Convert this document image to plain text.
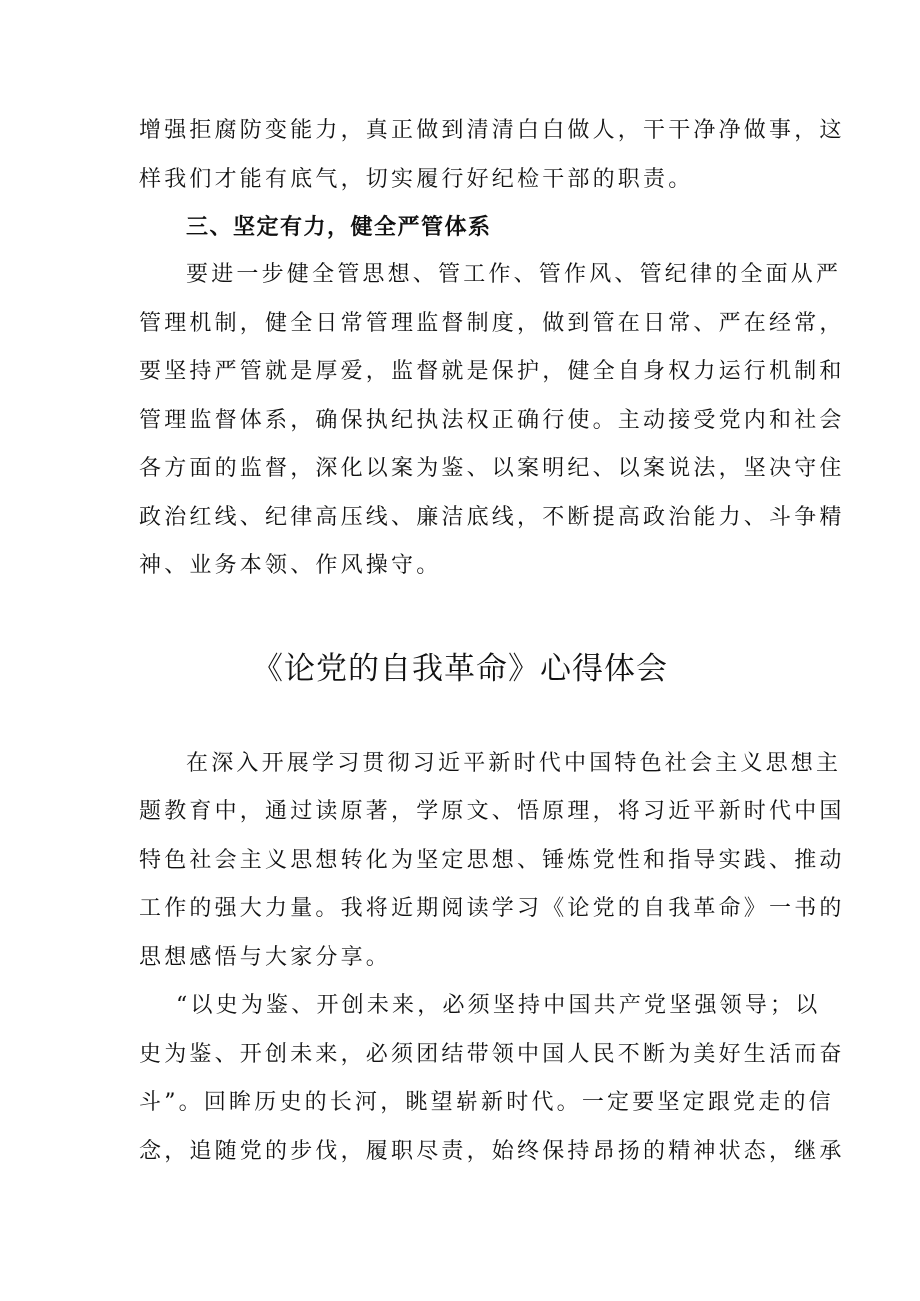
增强拒腐防变能力，真正做到清清白白做人，干干净净做事，这
样我们才能有底气，切实履行好纪检干部的职责。
三、坚定有力，健全严管体系
要进一步健全管思想、管工作、管作风、管纪律的全面从严
管理机制，健全日常管理监督制度，做到管在日常、严在经常，
要坚持严管就是厚爱，监督就是保护，健全自身权力运行机制和
管理监督体系，确保执纪执法权正确行使。主动接受党内和社会
各方面的监督，深化以案为鉴、以案明纪、以案说法，坚决守住
政治红线、纪律高压线、廉洁底线，不断提高政治能力、斗争精
神、业务本领、作风操守。
《论党的自我革命》心得体会
在深入开展学习贯彻习近平新时代中国特色社会主义思想主
题教育中，通过读原著，学原文、悟原理，将习近平新时代中国
特色社会主义思想转化为坚定思想、锤炼党性和指导实践、推动
工作的强大力量。我将近期阅读学习《论党的自我革命》一书的
思想感悟与大家分享。
“以史为鉴、开创未来，必须坚持中国共产党坚强领导；以
史为鉴、开创未来，必须团结带领中国人民不断为美好生活而奋
斗”。回眸历史的长河，眺望崭新时代。一定要坚定跟党走的信
念，追随党的步伐，履职尽责，始终保持昂扬的精神状态，继承
